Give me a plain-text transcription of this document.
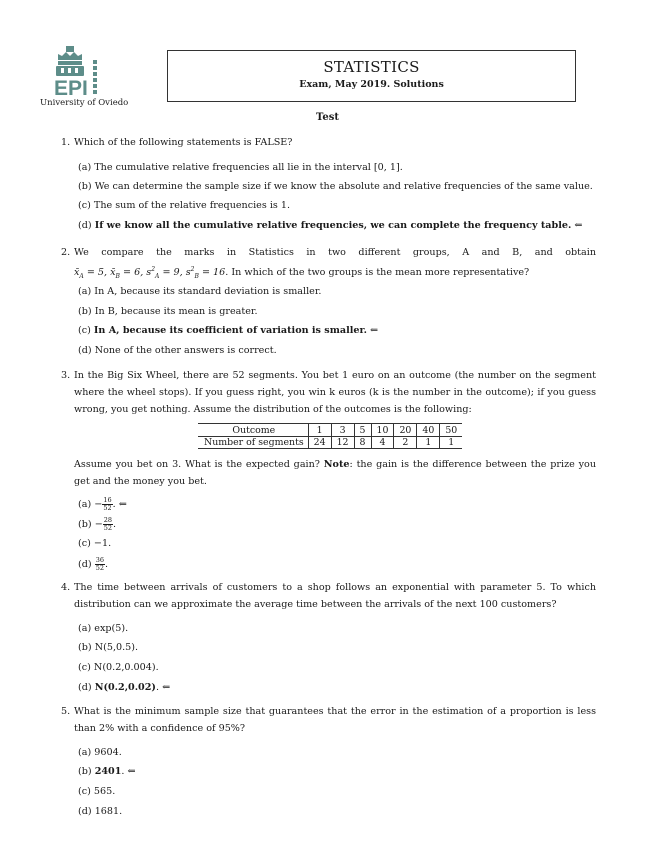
EPI
University of Oviedo
STATISTICS
Exam, May 2019. Solutions
Test
1. Which of the following statements is FALSE?
(a) The cumulative relative frequencies all lie in the interval [0, 1].
(b) We can determine the sample size if we know the absolute and relative frequencies of the same value.
(c) The sum of the relative frequencies is 1.
(d) If we know all the cumulative relative frequencies, we can complete the frequency table. ⇐
2. We compare the marks in Statistics in two different groups, A and B, and obtain $x̄_A = 5$, $x̄_B = 6$, $s^2_A = 9$, $s^2_B = 16$. In which of the two groups is the mean more representative?
(a) In A, because its standard deviation is smaller.
(b) In B, because its mean is greater.
(c) In A, because its coefficient of variation is smaller. ⇐
(d) None of the other answers is correct.
3. In the Big Six Wheel, there are 52 segments. You bet 1 euro on an outcome (the number on the segment where the wheel stops). If you guess right, you win k euros (k is the number in the outcome); if you guess wrong, you get nothing. Assume the distribution of the outcomes is the following:
Outcome	1	3	5	10	20	40	50
Number of segments	24	12	8	4	2	1	1
Assume you bet on 3. What is the expected gain? Note: the gain is the difference between the prize you get and the money you bet.
$(a) - \frac{16}{52}$ . ⇐
$(b) - \frac{28}{52}$ .
(c) −1.
$(d) \frac{36}{52}$ .
4. The time between arrivals of customers to a shop follows an exponential with parameter 5. To which distribution can we approximate the average time between the arrivals of the next 100 customers?
(a) exp(5).
(b) N(5,0.5).
(c) N(0.2,0.004).
(d) N(0.2,0.02). ⇐
5. What is the minimum sample size that guarantees that the error in the estimation of a proportion is less than 2% with a confidence of 95%?
(a) 9604.
(b) 2401. ⇐
(c) 565.
(d) 1681.
